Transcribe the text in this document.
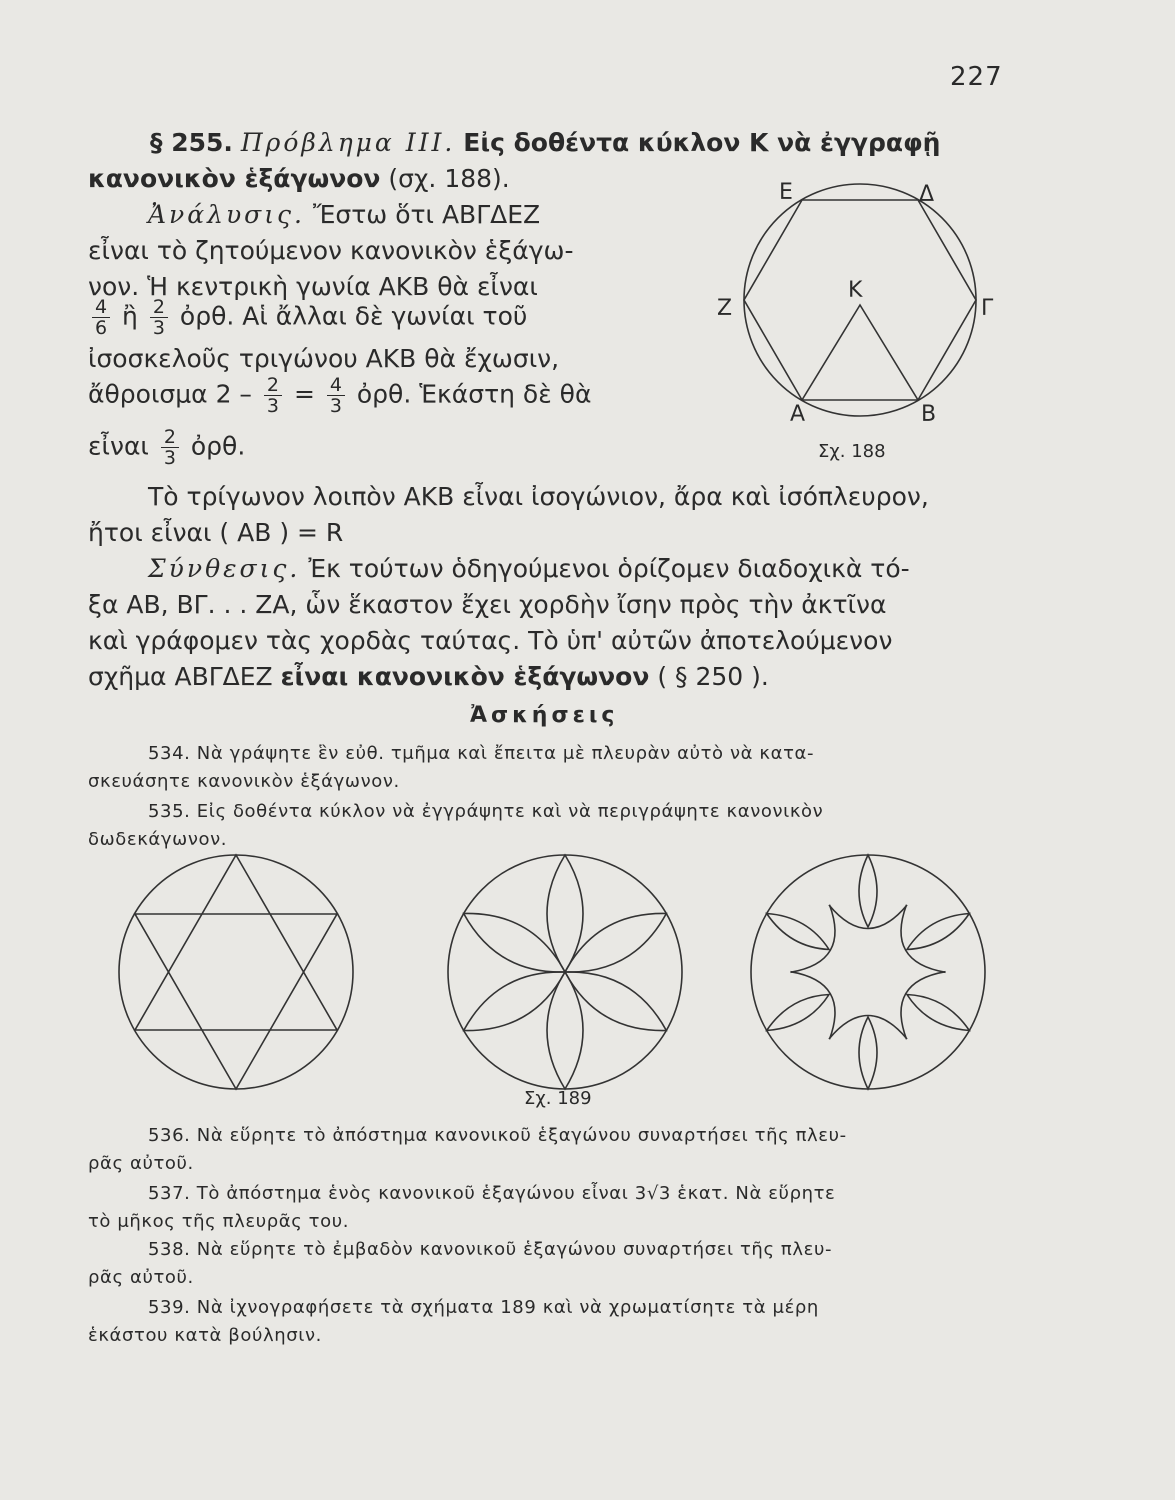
227
§ 255. Πρόβλημα III. Εἰς δοθέντα κύκλον Κ νὰ ἐγγραφῇ
κανονικὸν ἑξάγωνον (σχ. 188).
Ἀνάλυσις. Ἔστω ὅτι ΑΒΓΔΕΖ
εἶναι τὸ ζητούμενον κανονικὸν ἑξάγω-
νον. Ἡ κεντρικὴ γωνία ΑΚΒ θὰ εἶναι
$\frac{4}{6}$ ἢ $\frac{2}{3}$ ὀρθ. Αἱ ἄλλαι δὲ γωνίαι τοῦ
ἰσοσκελοῦς τριγώνου ΑΚΒ θὰ ἔχωσιν,
ἄθροισμα $2 - \frac{2}{3} = \frac{4}{3}$ ὀρθ. Ἑκάστη δὲ θὰ
εἶναι $\frac{2}{3}$ ὀρθ.
Ε	Δ
Ζ
Κ
Γ
Α	Β
Σχ. 188
Τὸ τρίγωνον λοιπὸν ΑΚΒ εἶναι ἰσογώνιον, ἄρα καὶ ἰσόπλευρον,
ἤτοι εἶναι ( ΑΒ ) = R
Σύνθεσις. Ἐκ τούτων ὁδηγούμενοι ὁρίζομεν διαδοχικὰ τό-
ξα ΑΒ, ΒΓ. . . ΖΑ, ὧν ἕκαστον ἔχει χορδὴν ἴσην πρὸς τὴν ἀκτῖνα
καὶ γράφομεν τὰς χορδὰς ταύτας. Τὸ ὑπ' αὐτῶν ἀποτελούμενον
σχῆμα ΑΒΓΔΕΖ εἶναι κανονικὸν ἑξάγωνον ( § 250 ).
Ἀσκήσεις
534. Νὰ γράψητε ἓν εὐθ. τμῆμα καὶ ἔπειτα μὲ πλευρὰν αὐτὸ νὰ κατα-
σκευάσητε κανονικὸν ἑξάγωνον.
535. Εἰς δοθέντα κύκλον νὰ ἐγγράψητε καὶ νὰ περιγράψητε κανονικὸν
δωδεκάγωνον.
Σχ. 189
536. Νὰ εὕρητε τὸ ἀπόστημα κανονικοῦ ἑξαγώνου συναρτήσει τῆς πλευ-
ρᾶς αὐτοῦ.
537. Τὸ ἀπόστημα ἑνὸς κανονικοῦ ἑξαγώνου εἶναι 3√3 ἑκατ. Νὰ εὕρητε
τὸ μῆκος τῆς πλευρᾶς του.
538. Νὰ εὕρητε τὸ ἐμβαδὸν κανονικοῦ ἑξαγώνου συναρτήσει τῆς πλευ-
ρᾶς αὐτοῦ.
539. Νὰ ἰχνογραφήσετε τὰ σχήματα 189 καὶ νὰ χρωματίσητε τὰ μέρη
ἑκάστου κατὰ βούλησιν.
